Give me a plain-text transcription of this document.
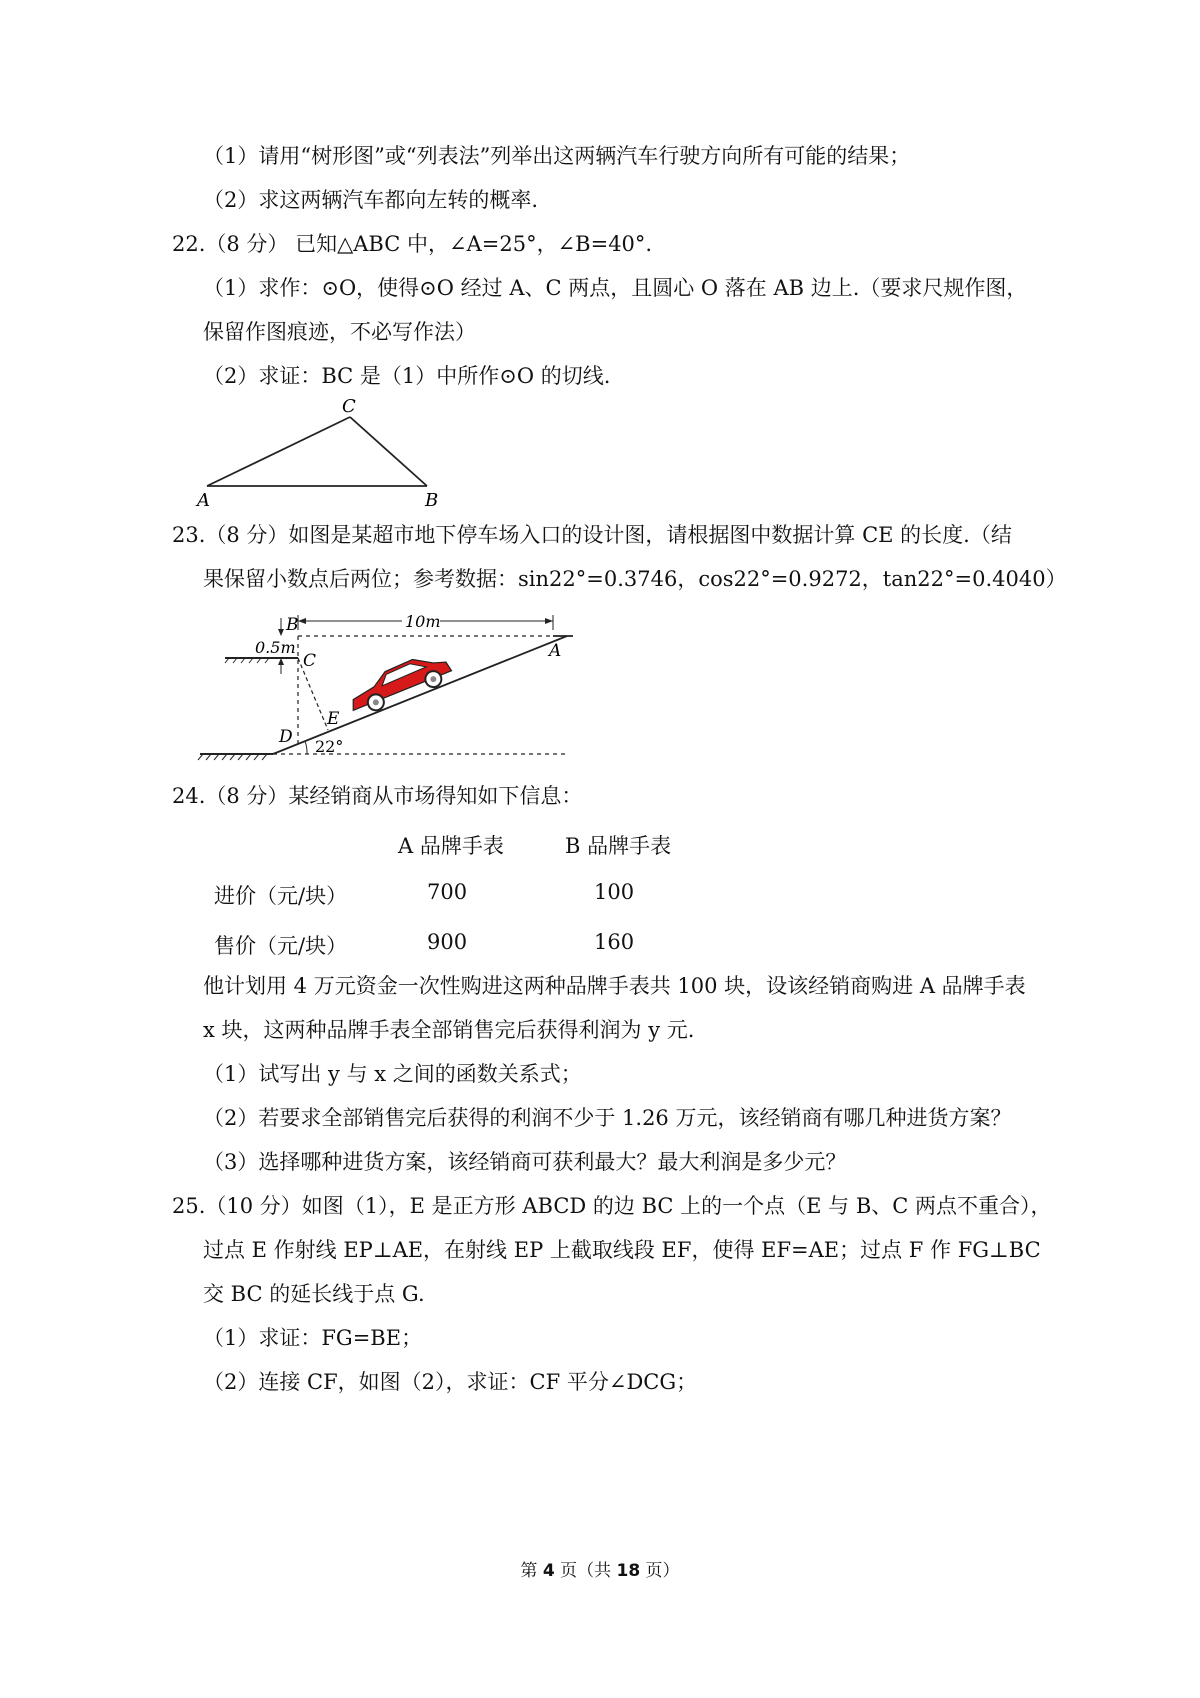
（1）请用“树形图”或“列表法”列举出这两辆汽车行驶方向所有可能的结果；
（2）求这两辆汽车都向左转的概率.
22.（8 分） 已知△ABC 中，∠A=25°，∠B=40°.
（1）求作：⊙O，使得⊙O 经过 A、C 两点，且圆心 O 落在 AB 边上.（要求尺规作图，
保留作图痕迹，不必写作法）
（2）求证：BC 是（1）中所作⊙O 的切线.
C
A	B
23.（8 分）如图是某超市地下停车场入口的设计图，请根据图中数据计算 CE 的长度.（结
果保留小数点后两位；参考数据：sin22°=0.3746，cos22°=0.9272，tan22°=0.4040）
10m
0.5m
B
C	A
E
D 22°
24.（8 分）某经销商从市场得知如下信息：
A 品牌手表	B 品牌手表
进价（元/块）	700	100
售价（元/块）	900	160
他计划用 4 万元资金一次性购进这两种品牌手表共 100 块，设该经销商购进 A 品牌手表
x 块，这两种品牌手表全部销售完后获得利润为 y 元.
（1）试写出 y 与 x 之间的函数关系式；
（2）若要求全部销售完后获得的利润不少于 1.26 万元，该经销商有哪几种进货方案？
（3）选择哪种进货方案，该经销商可获利最大？最大利润是多少元？
25.（10 分）如图（1），E 是正方形 ABCD 的边 BC 上的一个点（E 与 B、C 两点不重合），
过点 E 作射线 EP⊥AE，在射线 EP 上截取线段 EF，使得 EF=AE；过点 F 作 FG⊥BC
交 BC 的延长线于点 G.
（1）求证：FG=BE；
（2）连接 CF，如图（2），求证：CF 平分∠DCG；
第 4 页（共 18 页）
